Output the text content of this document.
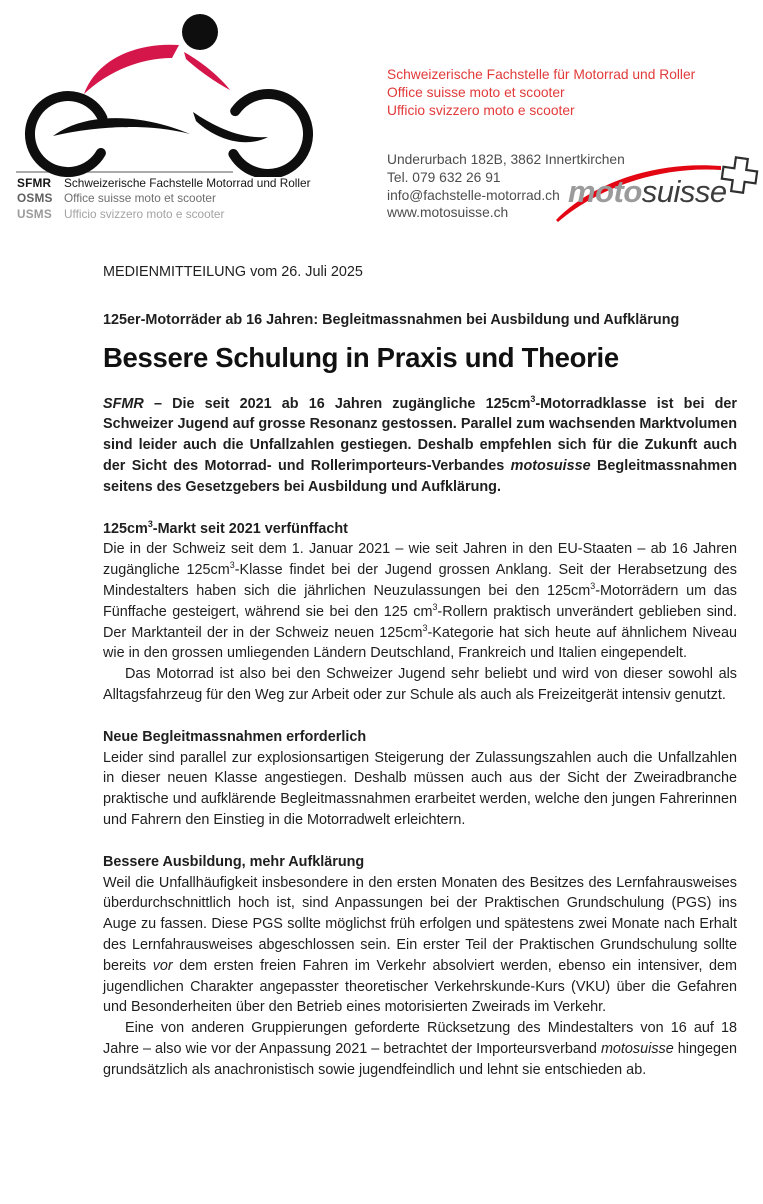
SFMR	Schweizerische Fachstelle Motorrad und Roller
OSMS Office suisse moto et scooter
USMS	Ufficio svizzero moto e scooter
Schweizerische Fachstelle für Motorrad und Roller
Office suisse moto et scooter
Ufficio svizzero moto e scooter
Underurbach 182B, 3862 Innertkirchen
Tel. 079 632 26 91
info@fachstelle-motorrad.ch
www.motosuisse.ch
motosuisse

MEDIENMITTEILUNG vom 26. Juli 2025

125er-Motorräder ab 16 Jahren: Begleitmassnahmen bei Ausbildung und Aufklärung

Bessere Schulung in Praxis und Theorie

SFMR – Die seit 2021 ab 16 Jahren zugängliche $125cm^3$-Motorradklasse ist bei der Schweizer Jugend auf grosse Resonanz gestossen. Parallel zum wachsenden Marktvolumen sind leider auch die Unfallzahlen gestiegen. Deshalb empfehlen sich für die Zukunft auch der Sicht des Motorrad- und Rollerimporteurs-Verbandes motosuisse Begleitmassnahmen seitens des Gesetzgebers bei Ausbildung und Aufklärung.

$125cm^3$-Markt seit 2021 verfünffacht

Die in der Schweiz seit dem 1. Januar 2021 – wie seit Jahren in den EU-Staaten – ab 16 Jahren zugängliche $125cm^3$-Klasse findet bei der Jugend grossen Anklang. Seit der Herabsetzung des Mindestalters haben sich die jährlichen Neuzulassungen bei den $125cm^3$-Motorrädern um das Fünffache gesteigert, während sie bei den 125 $cm^3$-Rollern praktisch unverändert geblieben sind. Der Marktanteil der in der Schweiz neuen $125cm^3$-Kategorie hat sich heute auf ähnlichem Niveau wie in den grossen umliegenden Ländern Deutschland, Frankreich und Italien eingependelt.

Das Motorrad ist also bei den Schweizer Jugend sehr beliebt und wird von dieser sowohl als Alltagsfahrzeug für den Weg zur Arbeit oder zur Schule als auch als Freizeitgerät intensiv genutzt.

Neue Begleitmassnahmen erforderlich

Leider sind parallel zur explosionsartigen Steigerung der Zulassungszahlen auch die Unfallzahlen in dieser neuen Klasse angestiegen. Deshalb müssen auch aus der Sicht der Zweiradbranche praktische und aufklärende Begleitmassnahmen erarbeitet werden, welche den jungen Fahrerinnen und Fahrern den Einstieg in die Motorradwelt erleichtern.

Bessere Ausbildung, mehr Aufklärung

Weil die Unfallhäufigkeit insbesondere in den ersten Monaten des Besitzes des Lernfahrausweises überdurchschnittlich hoch ist, sind Anpassungen bei der Praktischen Grundschulung (PGS) ins Auge zu fassen. Diese PGS sollte möglichst früh erfolgen und spätestens zwei Monate nach Erhalt des Lernfahrausweises abgeschlossen sein. Ein erster Teil der Praktischen Grundschulung sollte bereits vor dem ersten freien Fahren im Verkehr absolviert werden, ebenso ein intensiver, dem jugendlichen Charakter angepasster theoretischer Verkehrskunde-Kurs (VKU) über die Gefahren und Besonderheiten über den Betrieb eines motorisierten Zweirads im Verkehr.

Eine von anderen Gruppierungen geforderte Rücksetzung des Mindestalters von 16 auf 18 Jahre – also wie vor der Anpassung 2021 – betrachtet der Importeursverband motosuisse hingegen grundsätzlich als anachronistisch sowie jugendfeindlich und lehnt sie entschieden ab.
